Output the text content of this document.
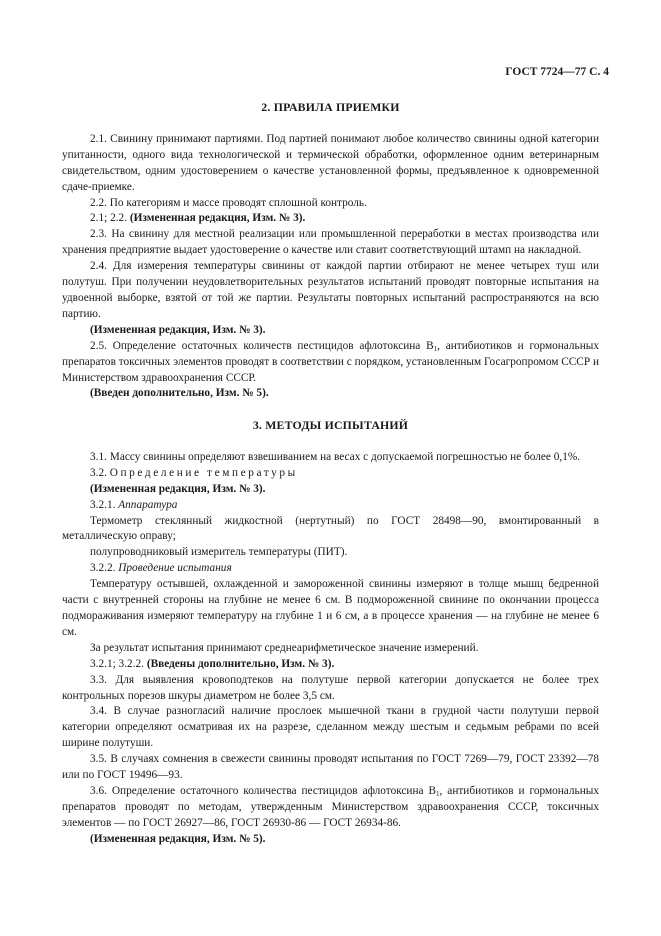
ГОСТ 7724—77 С. 4
2. ПРАВИЛА ПРИЕМКИ

2.1. Свинину принимают партиями. Под партией понимают любое количество свинины одной категории упитанности, одного вида технологической и термической обработки, оформленное одним ветеринарным свидетельством, одним удостоверением о качестве установленной формы, предъявленное к одновременной сдаче-приемке.

2.2. По категориям и массе проводят сплошной контроль.

2.1; 2.2. (Измененная редакция, Изм. № 3).

2.3. На свинину для местной реализации или промышленной переработки в местах производства или хранения предприятие выдает удостоверение о качестве или ставит соответствующий штамп на накладной.

2.4. Для измерения температуры свинины от каждой партии отбирают не менее четырех туш или полутуш. При получении неудовлетворительных результатов испытаний проводят повторные испытания на удвоенной выборке, взятой от той же партии. Результаты повторных испытаний распространяются на всю партию.

(Измененная редакция, Изм. № 3).

2.5. Определение остаточных количеств пестицидов афлотоксина $В_1$, антибиотиков и гормональных препаратов токсичных элементов проводят в соответствии с порядком, установленным Госагропромом СССР и Министерством здравоохранения СССР.

(Введен дополнительно, Изм. № 5).

3. МЕТОДЫ ИСПЫТАНИЙ

3.1. Массу свинины определяют взвешиванием на весах с допускаемой погрешностью не более 0,1%.

3.2. Определение температуры

(Измененная редакция, Изм. № 3).

3.2.1. Аппаратура

Термометр стеклянный жидкостной (нертутный) по ГОСТ 28498—90, вмонтированный в металлическую оправу;

полупроводниковый измеритель температуры (ПИТ).

3.2.2. Проведение испытания

Температуру остывшей, охлажденной и замороженной свинины измеряют в толще мышц бедренной части с внутренней стороны на глубине не менее 6 см. В подмороженной свинине по окончании процесса подмораживания измеряют температуру на глубине 1 и 6 см, а в процессе хранения — на глубине не менее 6 см.

За результат испытания принимают среднеарифметическое значение измерений.

3.2.1; 3.2.2. (Введены дополнительно, Изм. № 3).

3.3. Для выявления кровоподтеков на полутуше первой категории допускается не более трех контрольных порезов шкуры диаметром не более 3,5 см.

3.4. В случае разногласий наличие прослоек мышечной ткани в грудной части полутуши первой категории определяют осматривая их на разрезе, сделанном между шестым и седьмым ребрами по всей ширине полутуши.

3.5. В случаях сомнения в свежести свинины проводят испытания по ГОСТ 7269—79, ГОСТ 23392—78 или по ГОСТ 19496—93.

3.6. Определение остаточного количества пестицидов афлотоксина $В_1$, антибиотиков и гормональных препаратов проводят по методам, утвержденным Министерством здравоохранения СССР, токсичных элементов — по ГОСТ 26927—86, ГОСТ 26930-86 — ГОСТ 26934-86.

(Измененная редакция, Изм. № 5).
